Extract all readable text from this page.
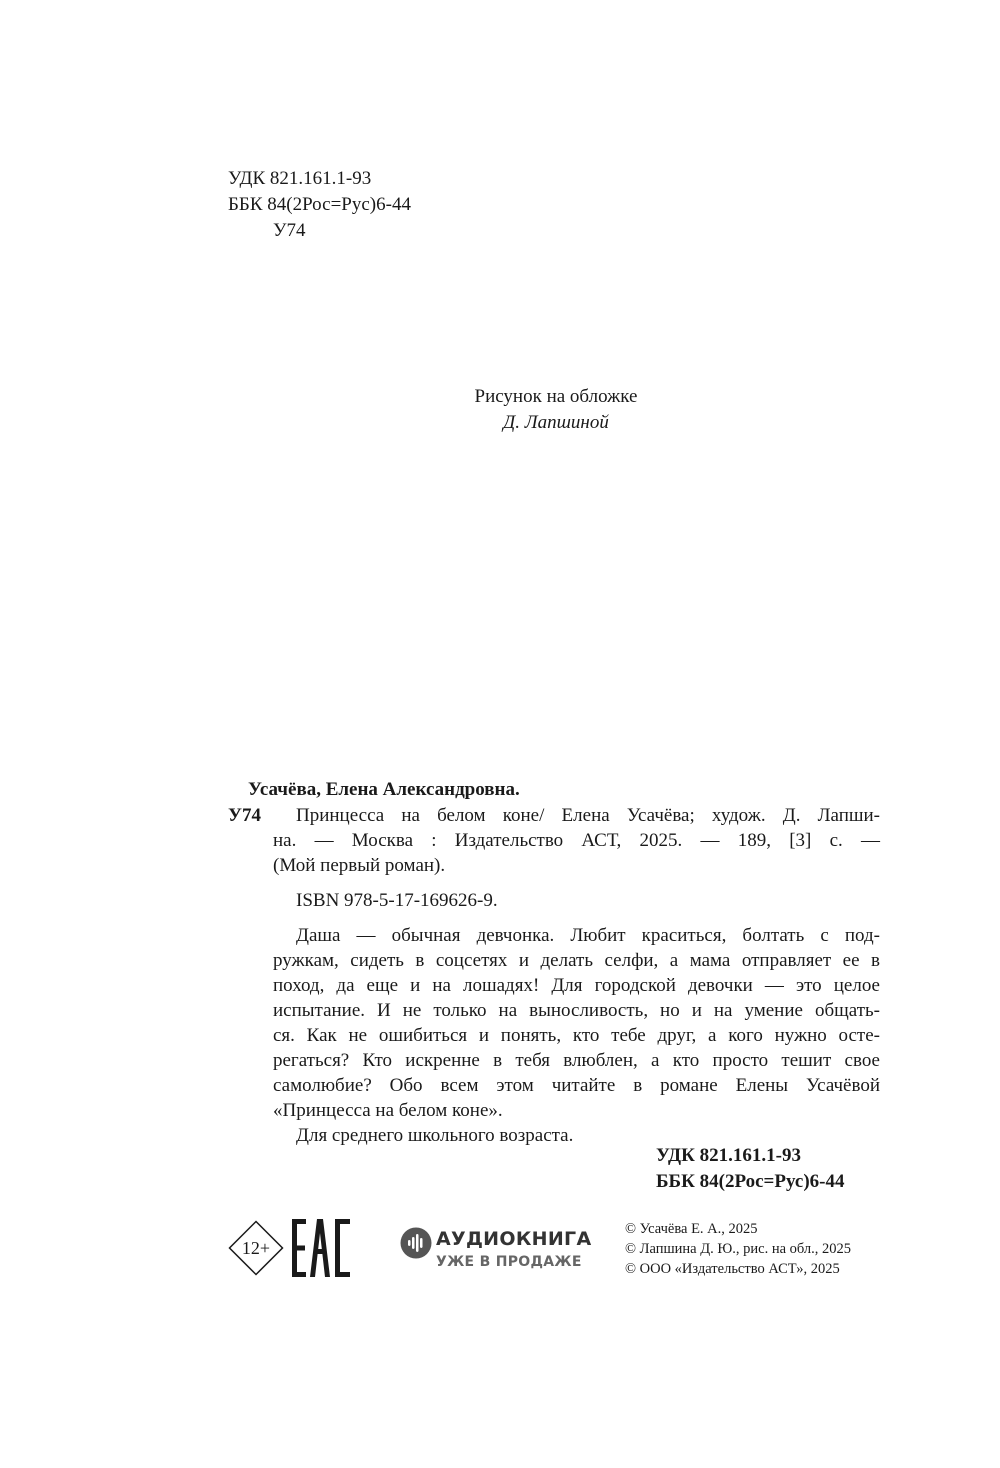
УДК 821.161.1-93
ББК 84(2Рос=Рус)6-44
У74
Рисунок на обложке
Д. Лапшиной
Усачёва, Елена Александровна.
У74 Принцесса на белом коне/ Елена Усачёва; худож. Д. Лапши-
на. — Москва : Издательство АСТ, 2025. — 189, [3] с. —
(Мой первый роман).
ISBN 978-5-17-169626-9.
Даша — обычная девчонка. Любит краситься, болтать с под-
ружкам, сидеть в соцсетях и делать селфи, а мама отправляет ее в
поход, да еще и на лошадях! Для городской девочки — это целое
испытание. И не только на выносливость, но и на умение общать-
ся. Как не ошибиться и понять, кто тебе друг, а кого нужно осте-
регаться? Кто искренне в тебя влюблен, а кто просто тешит свое
самолюбие? Обо всем этом читайте в романе Елены Усачёвой
«Принцесса на белом коне».
Для среднего школьного возраста.
УДК 821.161.1-93
ББК 84(2Рос=Рус)6-44
12+	АУДИОКНИГА
УЖЕ В ПРОДАЖЕ
© Усачёва Е. А., 2025
© Лапшина Д. Ю., рис. на обл., 2025
© ООО «Издательство АСТ», 2025
